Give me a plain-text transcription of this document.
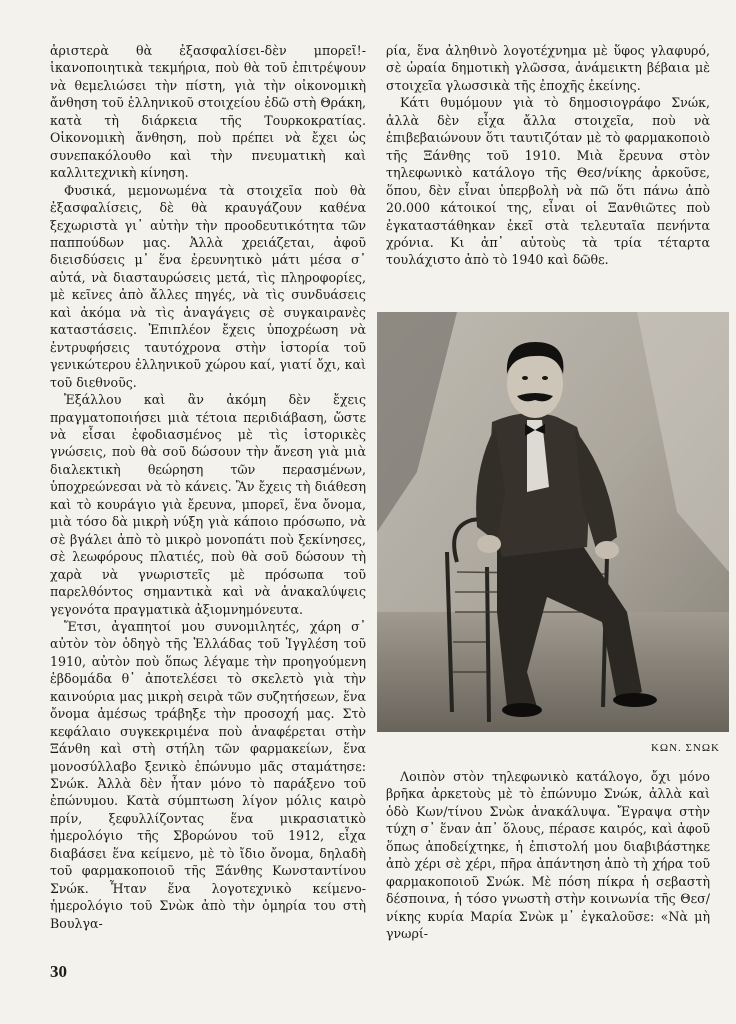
ἀριστερὰ θὰ ἐξασφαλίσει-δὲν μπορεῖ!-ἱκανοποιητικὰ τεκμήρια, ποὺ θὰ τοῦ ἐπιτρέψουν νὰ θεμελιώσει τὴν πίστη, γιὰ τὴν οἰκονομικὴ ἄνθηση τοῦ ἑλληνικοῦ στοιχείου ἐδῶ στὴ Θράκη, κατὰ τὴ διάρκεια τῆς Τουρκοκρατίας. Οἰκονομικὴ ἄνθηση, ποὺ πρέπει νὰ ἔχει ὡς συνεπακόλουθο καὶ τὴν πνευματικὴ καὶ καλλιτεχνικὴ κίνηση.

Φυσικά, μεμονωμένα τὰ στοιχεῖα ποὺ θὰ ἐξασφαλίσεις, δὲ θὰ κραυγάζουν καθένα ξεχωριστὰ γι᾽ αὐτὴν τὴν προοδευτικότητα τῶν παππούδων μας. Ἀλλὰ χρειάζεται, ἀφοῦ διεισδύσεις μ᾽ ἕνα ἐρευνητικὸ μάτι μέσα σ᾽ αὐτά, νὰ διασταυρώσεις μετά, τὶς πληροφορίες, μὲ κεῖνες ἀπὸ ἄλλες πηγές, νὰ τὶς συνδυάσεις καὶ ἀκόμα νὰ τὶς ἀναγάγεις σὲ συγκαιρανὲς καταστάσεις. Ἐπιπλέον ἔχεις ὑποχρέωση νὰ ἐντρυφήσεις ταυτόχρονα στὴν ἱστορία τοῦ γενικώτερου ἑλληνικοῦ χώρου καί, γιατί ὄχι, καὶ τοῦ διεθνοῦς.

Ἐξάλλου καὶ ἂν ἀκόμη δὲν ἔχεις πραγματοποιήσει μιὰ τέτοια περιδιάβαση, ὥστε νὰ εἶσαι ἐφοδιασμένος μὲ τὶς ἱστορικὲς γνώσεις, ποὺ θὰ σοῦ δώσουν τὴν ἄνεση γιὰ μιὰ διαλεκτικὴ θεώρηση τῶν περασμένων, ὑποχρεώνεσαι νὰ τὸ κάνεις. Ἂν ἔχεις τὴ διάθεση καὶ τὸ κουράγιο γιὰ ἔρευνα, μπορεῖ, ἕνα ὄνομα, μιὰ τόσο δὰ μικρὴ νύξη γιὰ κάποιο πρόσωπο, νὰ σὲ βγάλει ἀπὸ τὸ μικρὸ μονοπάτι ποὺ ξεκίνησες, σὲ λεωφόρους πλατιές, ποὺ θὰ σοῦ δώσουν τὴ χαρὰ νὰ γνωριστεῖς μὲ πρόσωπα τοῦ παρελθόντος σημαντικὰ καὶ νὰ ἀνακαλύψεις γεγονότα πραγματικὰ ἀξιομνημόνευτα.

Ἔτσι, ἀγαπητοί μου συνομιλητές, χάρη σ᾽ αὐτὸν τὸν ὁδηγὸ τῆς Ἑλλάδας τοῦ Ἰγγλέση τοῦ 1910, αὐτὸν ποὺ ὅπως λέγαμε τὴν προηγούμενη ἑβδομάδα θ᾽ ἀποτελέσει τὸ σκελετὸ γιὰ τὴν καινούρια μας μικρὴ σειρὰ τῶν συζητήσεων, ἕνα ὄνομα ἀμέσως τράβηξε τὴν προσοχή μας. Στὸ κεφάλαιο συγκεκριμένα ποὺ ἀναφέρεται στὴν Ξάνθη καὶ στὴ στήλη τῶν φαρμακείων, ἕνα μονοσύλλαβο ξενικὸ ἐπώνυμο μᾶς σταμάτησε: Σνώκ. Ἀλλὰ δὲν ἦταν μόνο τὸ παράξενο τοῦ ἐπώνυμου. Κατὰ σύμπτωση λίγον μόλις καιρὸ πρίν, ξεφυλλίζοντας ἕνα μικρασιατικὸ ἡμερολόγιο τῆς Σβορώνου τοῦ 1912, εἶχα διαβάσει ἕνα κείμενο, μὲ τὸ ἴδιο ὄνομα, δηλαδὴ τοῦ φαρμακοποιοῦ τῆς Ξάνθης Κωνσταντίνου Σνώκ. Ἦταν ἕνα λογοτεχνικὸ κείμενο-ἡμερολόγιο τοῦ Σνὼκ ἀπὸ τὴν ὁμηρία του στὴ Βουλγα-

ρία, ἕνα ἀληθινὸ λογοτέχνημα μὲ ὕφος γλαφυρό, σὲ ὡραία δημοτικὴ γλῶσσα, ἀνάμεικτη βέβαια μὲ στοιχεῖα γλωσσικὰ τῆς ἐποχῆς ἐκείνης.

Κάτι θυμόμουν γιὰ τὸ δημοσιογράφο Σνώκ, ἀλλὰ δὲν εἶχα ἄλλα στοιχεῖα, ποὺ νὰ ἐπιβεβαιώνουν ὅτι ταυτιζόταν μὲ τὸ φαρμακοποιὸ τῆς Ξάνθης τοῦ 1910. Μιὰ ἔρευνα στὸν τηλεφωνικὸ κατάλογο τῆς Θεσ/νίκης ἀρκοῦσε, ὅπου, δὲν εἶναι ὑπερβολὴ νὰ πῶ ὅτι πάνω ἀπὸ 20.000 κάτοικοί της, εἶναι οἱ Ξανθιῶτες ποὺ ἐγκαταστάθηκαν ἐκεῖ στὰ τελευταῖα πενήντα χρόνια. Κι ἀπ᾽ αὐτοὺς τὰ τρία τέταρτα τουλάχιστο ἀπὸ τὸ 1940 καὶ δῶθε.

ΚΩΝ. ΣΝΩΚ

Λοιπὸν στὸν τηλεφωνικὸ κατάλογο, ὄχι μόνο βρῆκα ἀρκετοὺς μὲ τὸ ἐπώνυμο Σνώκ, ἀλλὰ καὶ ὁδὸ Κων/τίνου Σνὼκ ἀνακάλυψα. Ἔγραψα στὴν τύχη σ᾽ ἕναν ἀπ᾽ ὅλους, πέρασε καιρός, καὶ ἀφοῦ ὅπως ἀποδείχτηκε, ἡ ἐπιστολή μου διαβιβάστηκε ἀπὸ χέρι σὲ χέρι, πῆρα ἀπάντηση ἀπὸ τὴ χήρα τοῦ φαρμακοποιοῦ Σνώκ. Μὲ πόση πίκρα ἡ σεβαστὴ δέσποινα, ἡ τόσο γνωστὴ στὴν κοινωνία τῆς Θεσ/νίκης κυρία Μαρία Σνὼκ μ᾽ ἐγκαλοῦσε: «Νὰ μὴ γνωρί-

30
